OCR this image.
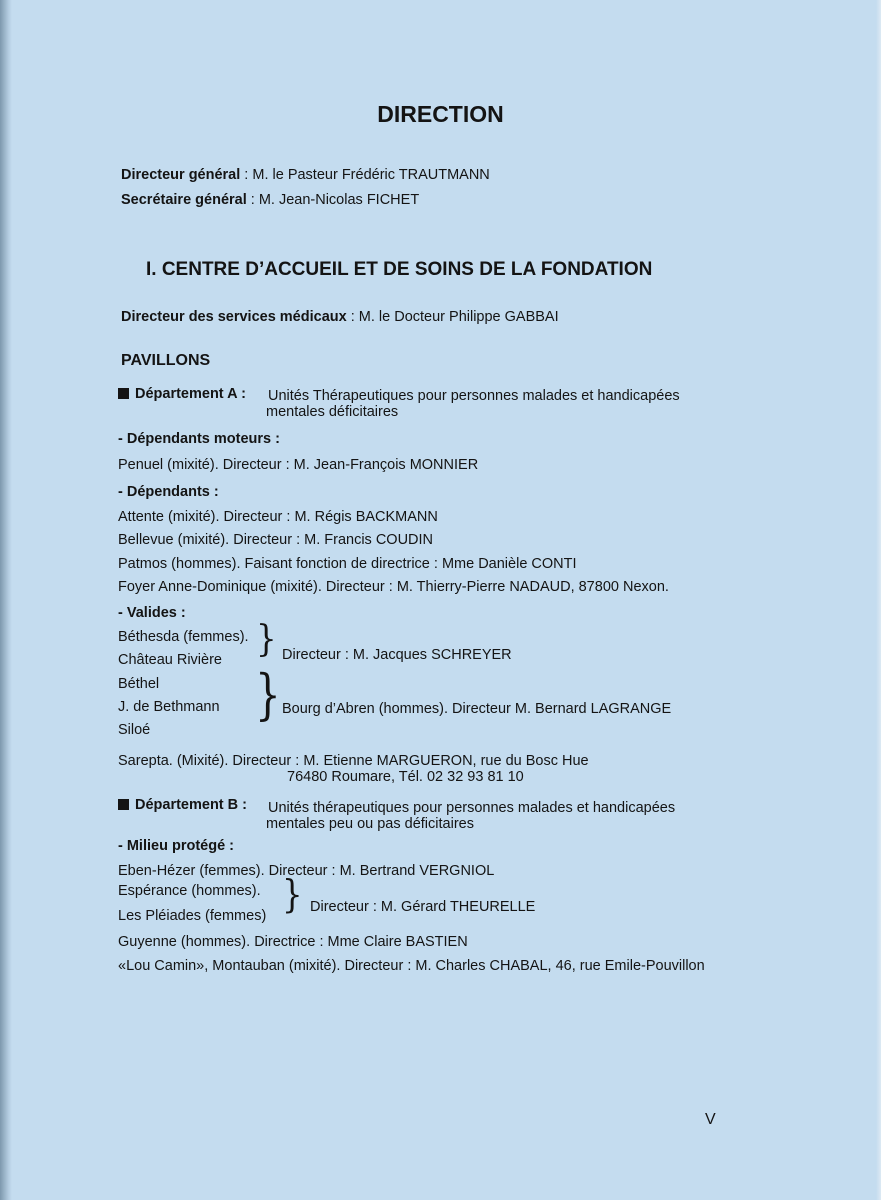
DIRECTION
Directeur général : M. le Pasteur Frédéric TRAUTMANN
Secrétaire général : M. Jean-Nicolas FICHET
I. CENTRE D’ACCUEIL ET DE SOINS DE LA FONDATION
Directeur des services médicaux : M. le Docteur Philippe GABBAI
PAVILLONS
Département A : Unités Thérapeutiques pour personnes malades et handicapées
mentales déficitaires
- Dépendants moteurs :
Penuel (mixité). Directeur : M. Jean-François MONNIER
- Dépendants :
Attente (mixité). Directeur : M. Régis BACKMANN
Bellevue (mixité). Directeur : M. Francis COUDIN
Patmos (hommes). Faisant fonction de directrice : Mme Danièle CONTI
Foyer Anne-Dominique (mixité). Directeur : M. Thierry-Pierre NADAUD, 87800 Nexon.
- Valides :
Béthesda (femmes).
Château Rivière } Directeur : M. Jacques SCHREYER
Béthel
J. de Bethmann
Siloé
} Bourg d’Abren (hommes). Directeur M. Bernard LAGRANGE
Sarepta. (Mixité). Directeur : M. Etienne MARGUERON, rue du Bosc Hue
76480 Roumare, Tél. 02 32 93 81 10
Département B : Unités thérapeutiques pour personnes malades et handicapées
mentales peu ou pas déficitaires
- Milieu protégé :
Eben-Hézer (femmes). Directeur : M. Bertrand VERGNIOL
Espérance (hommes).
Les Pléiades (femmes) } Directeur : M. Gérard THEURELLE
Guyenne (hommes). Directrice : Mme Claire BASTIEN
«Lou Camin», Montauban (mixité). Directeur : M. Charles CHABAL, 46, rue Emile-Pouvillon
V
